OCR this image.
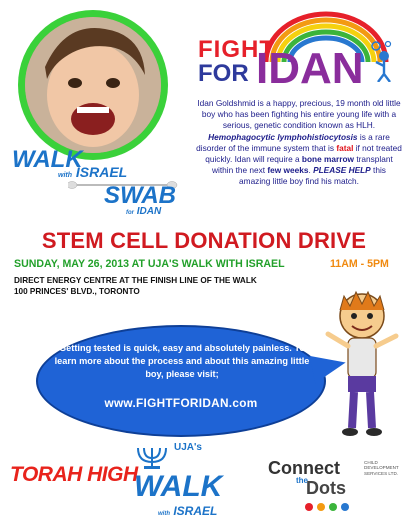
FIGHT
FOR IDAN
Idan Goldshmid is a happy, precious, 19 month old little boy who has been fighting his entire young life with a serious, genetic condition known as HLH. Hemophagocytic lymphohistiocytosis is a rare disorder of the immune system that is fatal if not treated quickly. Idan will require a bone marrow transplant within the next few weeks. PLEASE HELP this amazing little boy find his match.
WALK
with ISRAEL
SWAB
for IDAN
STEM CELL DONATION DRIVE
SUNDAY, MAY 26, 2013 AT UJA'S WALK WITH ISRAEL	11AM - 5PM
DIRECT ENERGY CENTRE AT THE FINISH LINE OF THE WALK
100 PRINCES' BLVD., TORONTO
Getting tested is quick, easy and absolutely painless. To learn more about the process and about this amazing little boy, please visit;
www.FIGHTFORIDAN.com
TORAH HIGH
UJA's
WALK
with ISRAEL
Connect
the
Dots
CHILD DEVELOPMENT SERVICES LTD.
